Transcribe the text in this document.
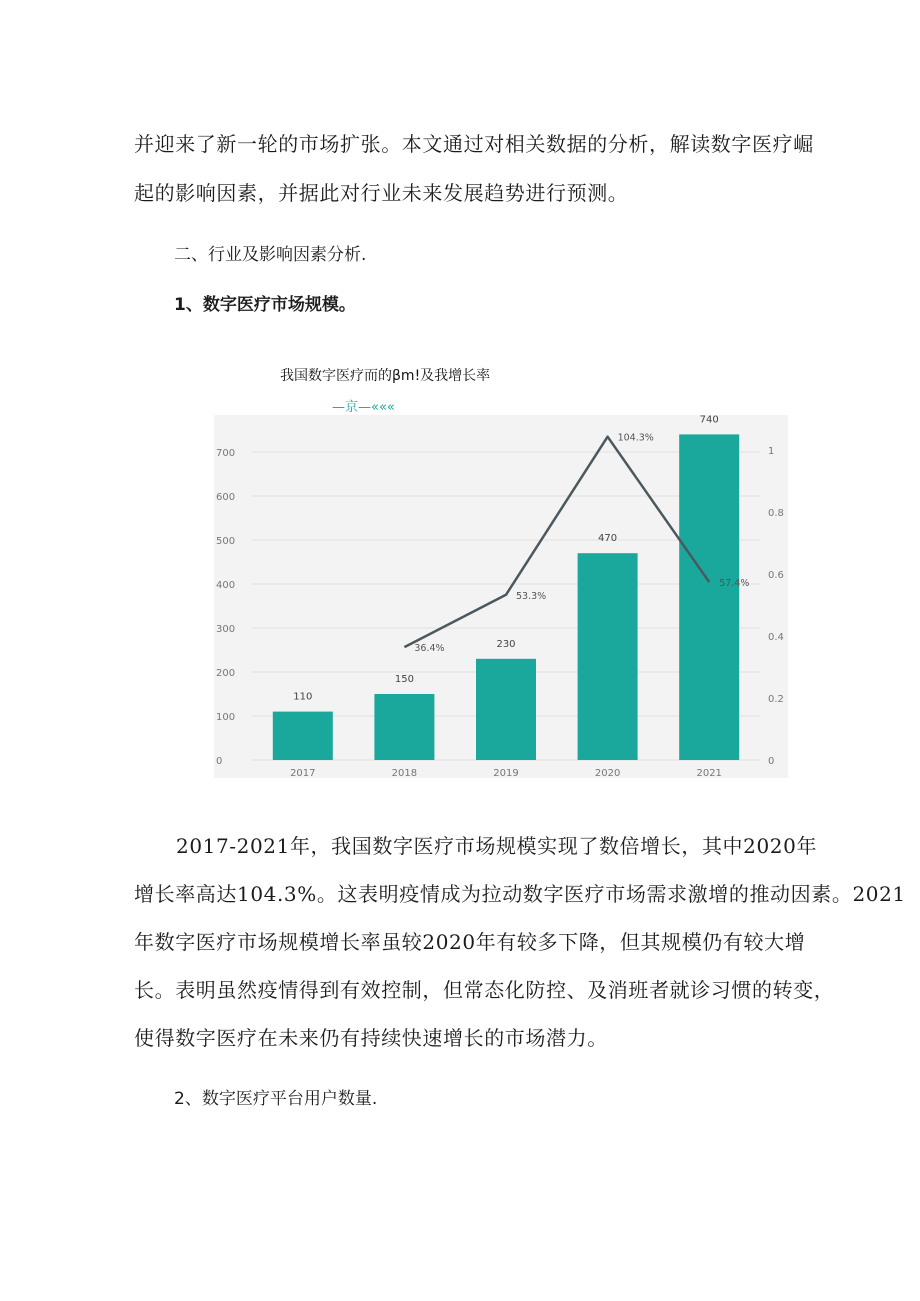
并迎来了新一轮的市场扩张。本文通过对相关数据的分析，解读数字医疗崛
起的影响因素，并据此对行业未来发展趋势进行预测。
二、行业及影响因素分析.
1、数字医疗市场规模。
我国数字医疗而的βm!及我增长率
—京—«««
0
100
200
300
400
500
600
700
0
0.2
0.4
0.6
0.8
1
110
2017
150
2018
230
2019
470
2020
740
2021
36.4%
53.3%
104.3%
57.4%
2017-2021年，我国数字医疗市场规模实现了数倍增长，其中2020年
增长率高达104.3%。这表明疫情成为拉动数字医疗市场需求激增的推动因素。2021
年数字医疗市场规模增长率虽较2020年有较多下降，但其规模仍有较大增
长。表明虽然疫情得到有效控制，但常态化防控、及消班者就诊习惯的转变，
使得数字医疗在未来仍有持续快速增长的市场潜力。
2、数字医疗平台用户数量.
